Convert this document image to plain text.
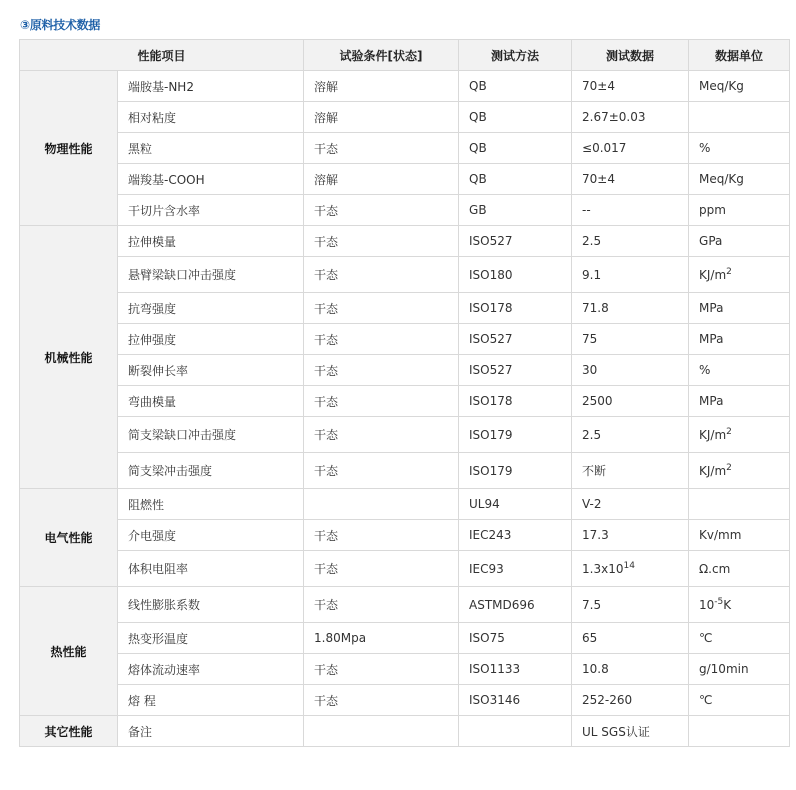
③原料技术数据
性能项目		试验条件[状态]	测试方法	测试数据	数据单位
物理性能	端胺基-NH2	溶解	QB	70±4	Meq/Kg
	相对粘度	溶解	QB	2.67±0.03	
	黑粒	干态	QB	≤0.017	%
	端羧基-COOH	溶解	QB	70±4	Meq/Kg
	干切片含水率	干态	GB	--	ppm
机械性能	拉伸模量	干态	ISO527	2.5	GPa
	悬臂梁缺口冲击强度	干态	ISO180	9.1	$KJ/m^2$
	抗弯强度	干态	ISO178	71.8	MPa
	拉伸强度	干态	ISO527	75	MPa
	断裂伸长率	干态	ISO527	30	%
	弯曲模量	干态	ISO178	2500	MPa
	简支梁缺口冲击强度	干态	ISO179	2.5	$KJ/m^2$
	简支梁冲击强度	干态	ISO179	不断	$KJ/m^2$
电气性能	阻燃性		UL94	V-2	
	介电强度	干态	IEC243	17.3	Kv/mm
	体积电阻率	干态	IEC93	$1.3x10^{14}$	Ω.cm
热性能	线性膨胀系数	干态	ASTMD696	7.5	$10^{-5}K$
	热变形温度	1.80Mpa	ISO75	65	℃
	熔体流动速率	干态	ISO1133	10.8	g/10min
	熔 程	干态	ISO3146	252-260	℃
其它性能	备注			UL SGS认证	
